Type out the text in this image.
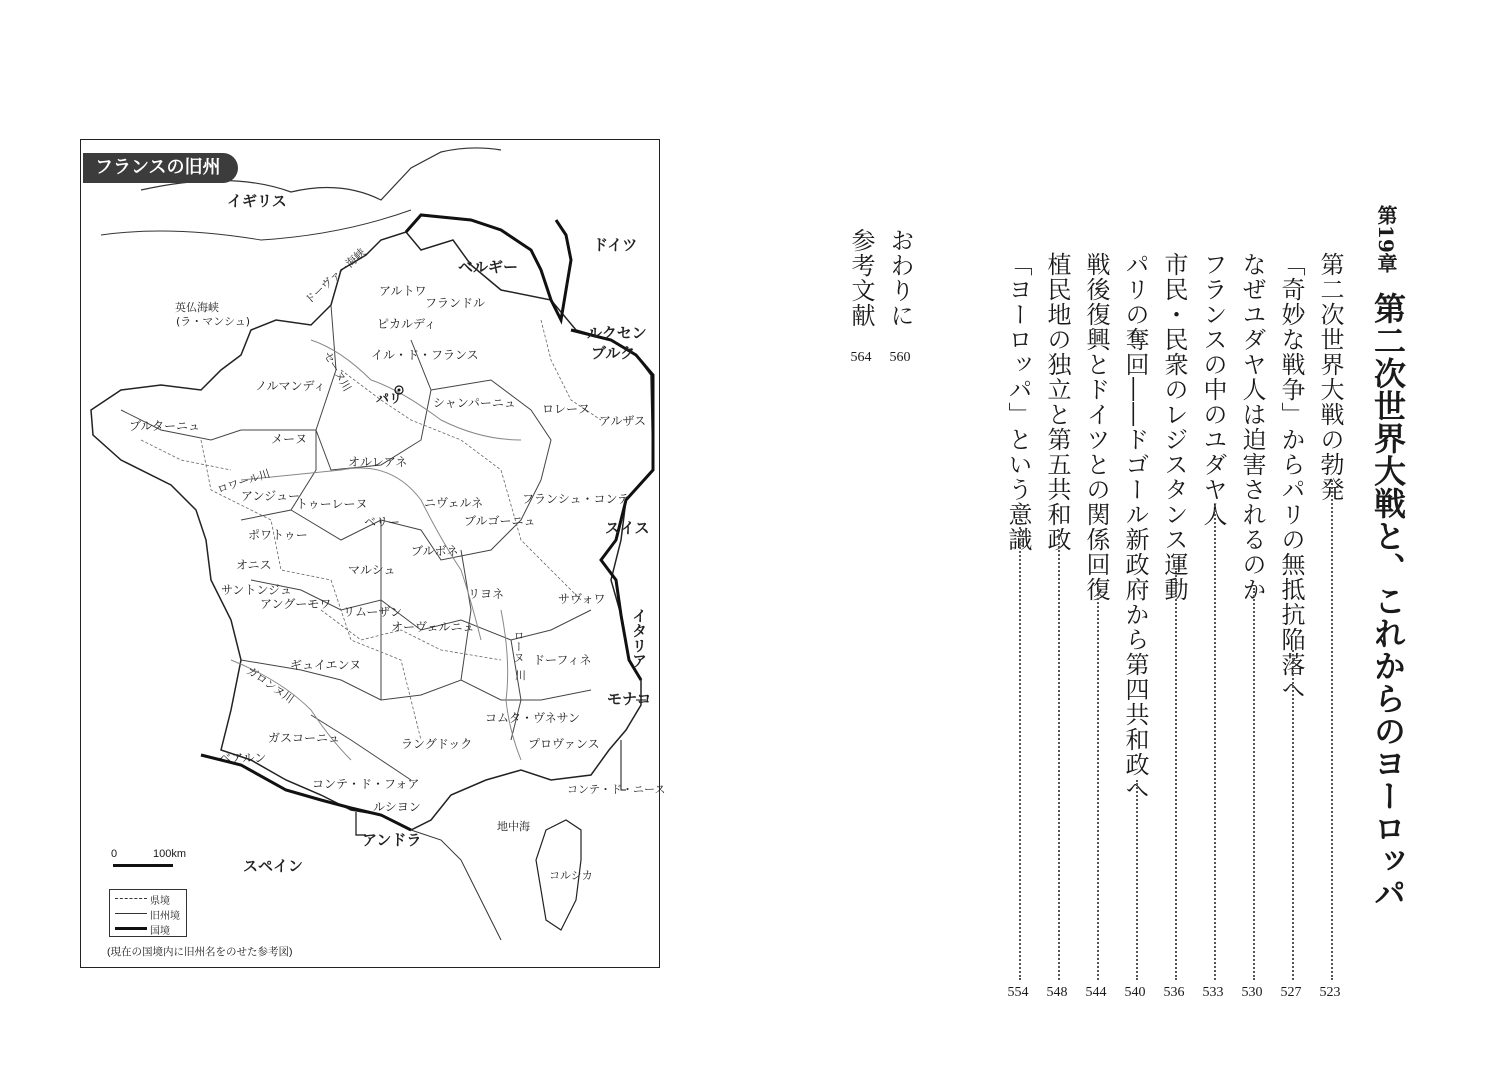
フランスの旧州
イギリス
ベルギー
ドイツ
ルクセン
ブルク
スイス
イタリア
モナコ
アンドラ
スペイン
ドーヴァー海峡
英仏海峡
(ラ・マンシュ)
地中海
セーヌ川
ロワール川
ローヌ
川
ガロンヌ川
パリ
アルトワ
フランドル
ピカルディ
イル・ド・フランス
ノルマンディ
シャンパーニュ ロレーヌ
アルザス
ブルターニュ
メーヌ
オルレアネ
アンジュー
トゥーレーヌ	ニヴェルネ	フランシュ・コンテ
ブルゴーニュ
ベリー
ポワトゥー
オニス
ブルボネ
マルシュ
リヨネ	サヴォワ
サントンジュ
アングーモワ
リムーザン
オーヴェルニュ
ドーフィネ
ギュイエンヌ
コムタ・ヴネサン
ガスコーニュ	ラングドック	プロヴァンス
ベアルン
コンテ・ド・フォア
ルシヨン
コンテ・ド・ニース
コルシカ
0	100km
県境
旧州境
国境
(現在の国境内に旧州名をのせた参考図)
第19章
第二次世界大戦と、これからのヨーロッパ
第二次世界大戦の勃発
523
「奇妙な戦争」からパリの無抵抗陥落へ
527
なぜユダヤ人は迫害されるのか
530
フランスの中のユダヤ人
533
市民・民衆のレジスタンス運動
536
パリの奪回――ドゴール新政府から第四共和政へ
540
戦後復興とドイツとの関係回復
544
植民地の独立と第五共和政
548
「ヨーロッパ」という意識
554
おわりに
560
参考文献
564
